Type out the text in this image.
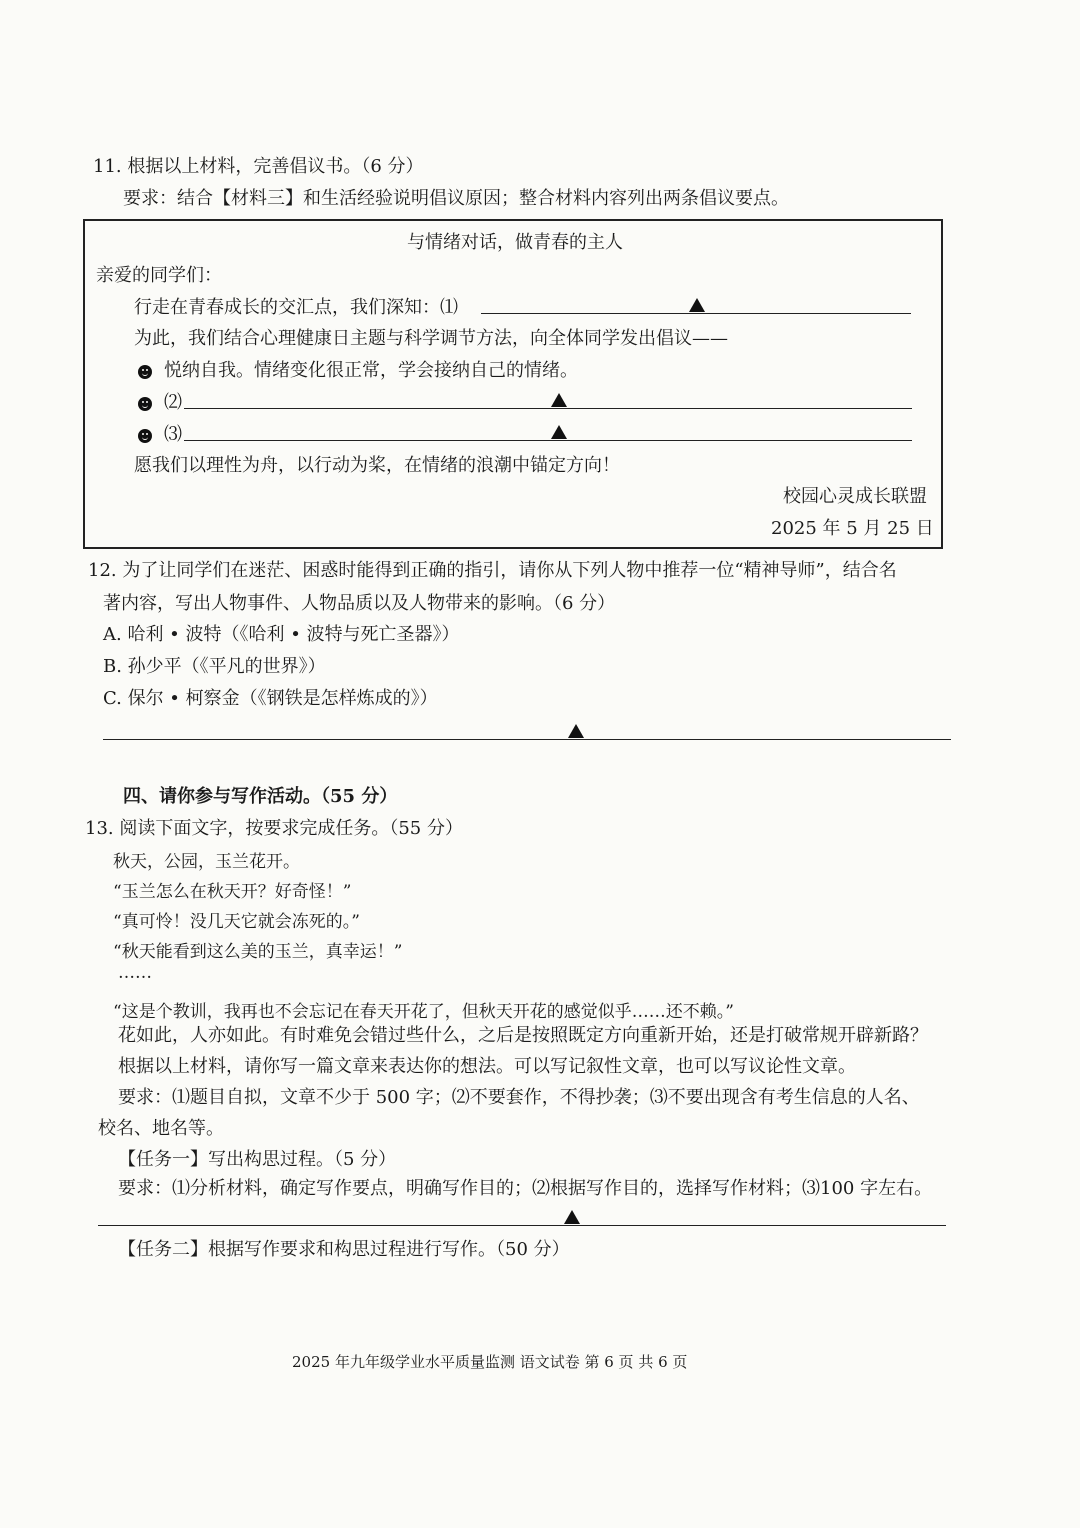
11. 根据以上材料，完善倡议书。（6 分）
要求：结合【材料三】和生活经验说明倡议原因；整合材料内容列出两条倡议要点。
与情绪对话，做青春的主人
亲爱的同学们：
行走在青春成长的交汇点，我们深知：⑴
为此，我们结合心理健康日主题与科学调节方法，向全体同学发出倡议——
悦纳自我。情绪变化很正常，学会接纳自己的情绪。
⑵
⑶
愿我们以理性为舟，以行动为桨，在情绪的浪潮中锚定方向！
校园心灵成长联盟
2025 年 5 月 25 日
12. 为了让同学们在迷茫、困惑时能得到正确的指引，请你从下列人物中推荐一位“精神导师”，结合名
著内容，写出人物事件、人物品质以及人物带来的影响。（6 分）
A. 哈利 • 波特（《哈利 • 波特与死亡圣器》）
B. 孙少平（《平凡的世界》）
C. 保尔 • 柯察金（《钢铁是怎样炼成的》）
四、请你参与写作活动。（55 分）
13. 阅读下面文字，按要求完成任务。（55 分）
秋天，公园，玉兰花开。
“玉兰怎么在秋天开？好奇怪！”
“真可怜！没几天它就会冻死的。”
“秋天能看到这么美的玉兰，真幸运！”
……
“这是个教训，我再也不会忘记在春天开花了，但秋天开花的感觉似乎……还不赖。”
花如此，人亦如此。有时难免会错过些什么，之后是按照既定方向重新开始，还是打破常规开辟新路？
根据以上材料，请你写一篇文章来表达你的想法。可以写记叙性文章，也可以写议论性文章。
要求：⑴题目自拟，文章不少于 500 字；⑵不要套作，不得抄袭；⑶不要出现含有考生信息的人名、
校名、地名等。
【任务一】写出构思过程。（5 分）
要求：⑴分析材料，确定写作要点，明确写作目的；⑵根据写作目的，选择写作材料；⑶100 字左右。
【任务二】根据写作要求和构思过程进行写作。（50 分）
2025 年九年级学业水平质量监测 语文试卷 第 6 页 共 6 页
